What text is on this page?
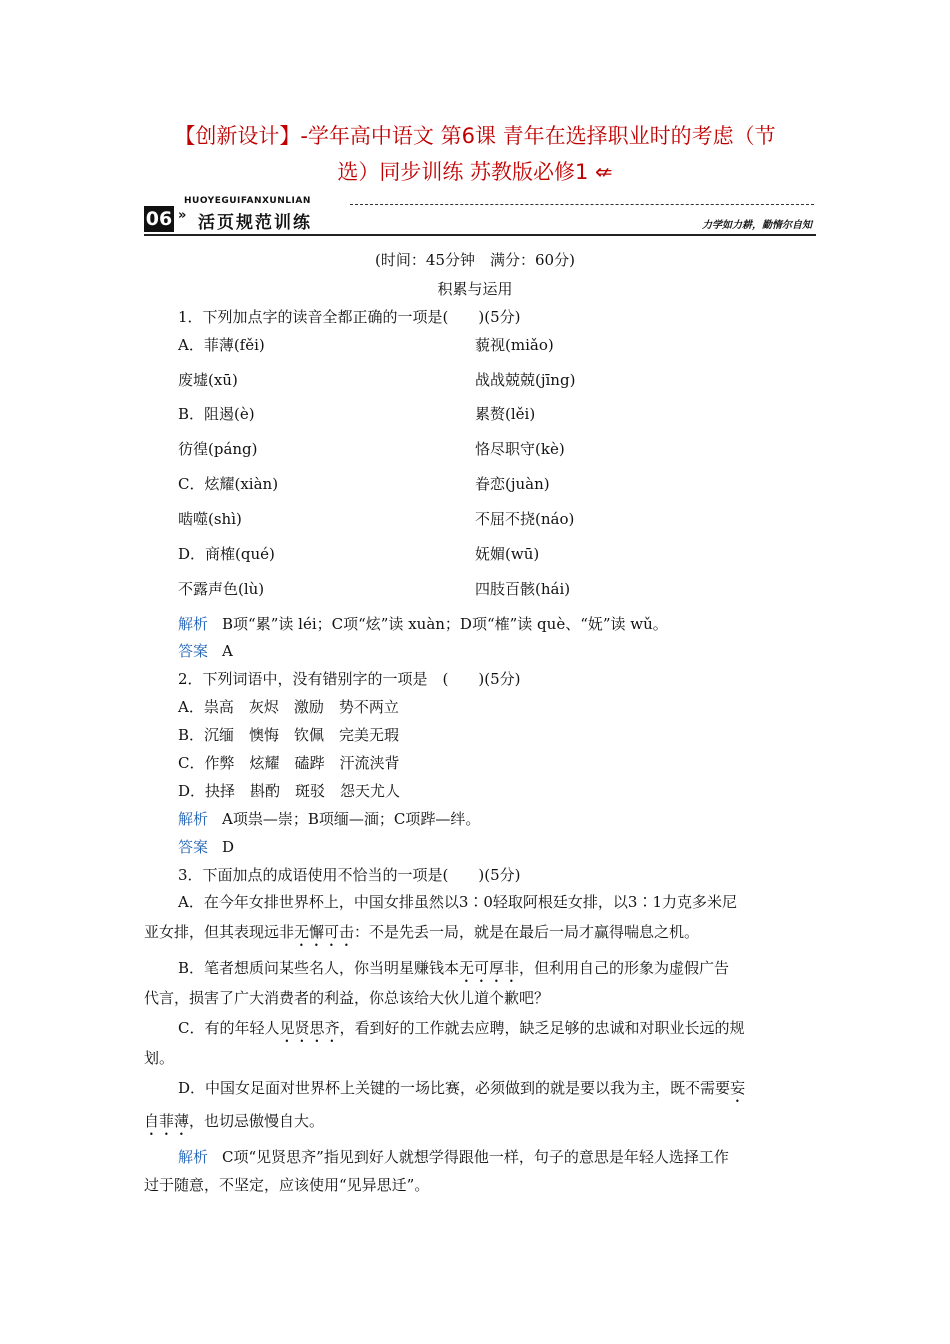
【创新设计】-学年高中语文 第6课 青年在选择职业时的考虑（节
选）同步训练 苏教版必修1 ⇍
HUOYEGUIFANXUNLIAN
06 » 活页规范训练	力学如力耕，勤惰尔自知
(时间：45分钟　满分：60分)
积累与运用
1．下列加点字的读音全都正确的一项是(　　)(5分)
A．菲薄(fěi)	藐视(miǎo)
废墟(xū)	战战兢兢(jīng)
B．阻遏(è)	累赘(lěi)
彷徨(páng)	恪尽职守(kè)
C．炫耀(xiàn)	眷恋(juàn)
啮噬(shì)	不屈不挠(náo)
D．商榷(qué)	妩媚(wū)
不露声色(lù)	四肢百骸(hái)
解析 B项“累”读 léi；C项“炫”读 xuàn；D项“榷”读 què、“妩”读 wǔ。
答案 A
2．下列词语中，没有错别字的一项是　(　　)(5分)
A．祟高　灰烬　激励　势不两立
B．沉缅　懊悔　钦佩　完美无瑕
C．作弊　炫耀　磕跸　汗流浃背
D．抉择　斟酌　斑驳　怨天尤人
解析 A项祟—崇；B项缅—湎；C项跸—绊。
答案 D
3．下面加点的成语使用不恰当的一项是(　　)(5分)
A．在今年女排世界杯上，中国女排虽然以3∶0轻取阿根廷女排，以3∶1力克多米尼
亚女排，但其表现远非无懈可击：不是先丢一局，就是在最后一局才赢得喘息之机。
B．笔者想质问某些名人，你当明星赚钱本无可厚非，但利用自己的形象为虚假广告
代言，损害了广大消费者的利益，你总该给大伙儿道个歉吧？
C．有的年轻人见贤思齐，看到好的工作就去应聘，缺乏足够的忠诚和对职业长远的规
划。
D．中国女足面对世界杯上关键的一场比赛，必须做到的就是要以我为主，既不需要妄
自菲薄，也切忌傲慢自大。
解析 C项“见贤思齐”指见到好人就想学得跟他一样，句子的意思是年轻人选择工作
过于随意，不坚定，应该使用“见异思迁”。
